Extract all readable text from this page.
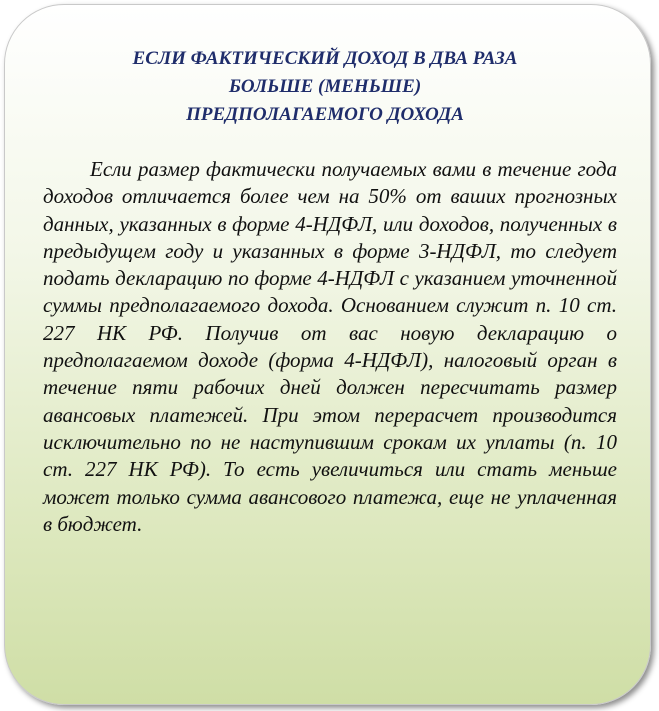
ЕСЛИ ФАКТИЧЕСКИЙ ДОХОД В ДВА РАЗА
БОЛЬШЕ (МЕНЬШЕ)
ПРЕДПОЛАГАЕМОГО ДОХОДА

Если размер фактически получаемых вами в течение года доходов отличается более чем на 50% от ваших прогнозных данных, указанных в форме 4-НДФЛ, или доходов, полученных в предыдущем году и указанных в форме 3-НДФЛ, то следует подать декларацию по форме 4-НДФЛ с указанием уточненной суммы предполагаемого дохода. Основанием служит п. 10 ст. 227 НК РФ. Получив от вас новую декларацию о предполагаемом доходе (форма 4-НДФЛ), налоговый орган в течение пяти рабочих дней должен пересчитать размер авансовых платежей. При этом перерасчет производится исключительно по не наступившим срокам их уплаты (п. 10 ст. 227 НК РФ). То есть увеличиться или стать меньше может только сумма авансового платежа, еще не уплаченная в бюджет.
